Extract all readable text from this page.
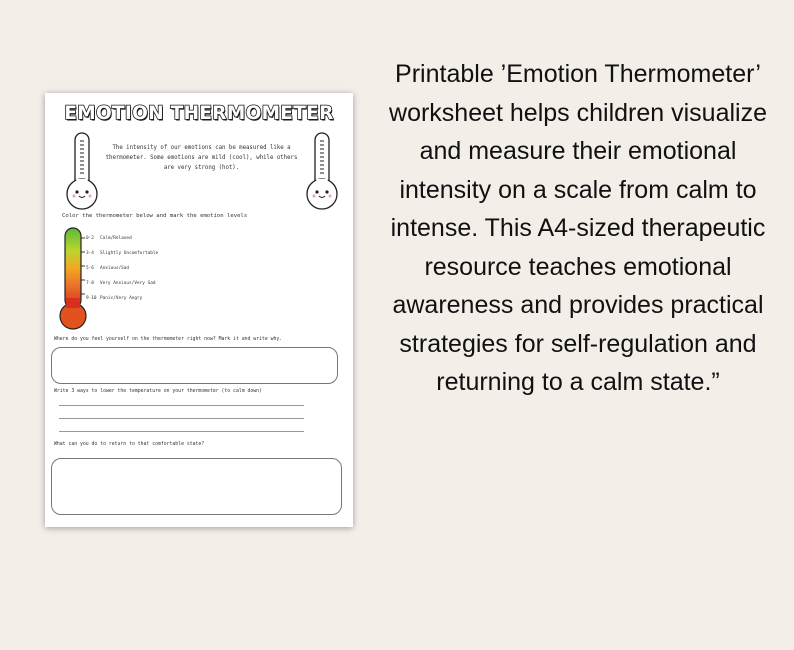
EMOTION THERMOMETER
The intensity of our emotions can be measured like a thermometer. Some emotions are mild (cool), while others are very strong (hot).
Color the thermometer below and mark the emotion levels
0-2 Calm/Relaxed
3-4 Slightly Uncomfortable
5-6 Anxious/Sad
7-8 Very Anxious/Very Sad
9-10 Panic/Very Angry
Where do you feel yourself on the thermometer right now? Mark it and write why.
Write 3 ways to lower the temperature on your thermometer (to calm down)
What can you do to return to that comfortable state?
Printable ’Emotion Thermometer’ worksheet helps children visualize and measure their emotional intensity on a scale from calm to intense. This A4-sized therapeutic resource teaches emotional awareness and provides practical strategies for self-regulation and returning to a calm state.”
